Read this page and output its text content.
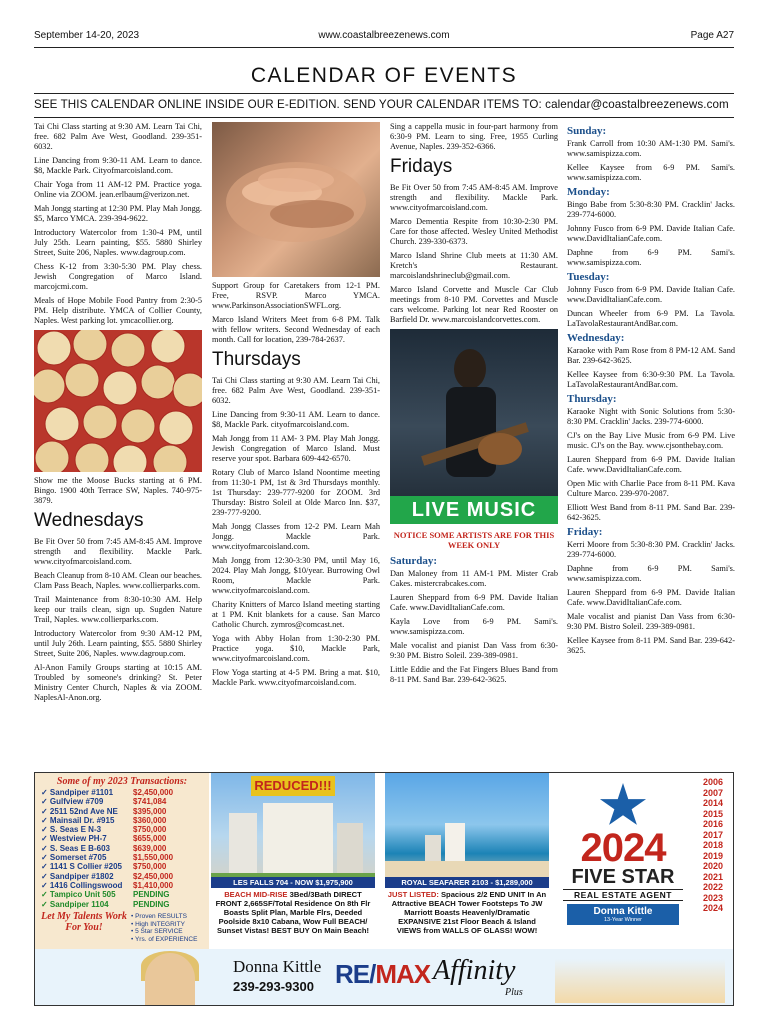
September 14-20, 2023	www.coastalbreezenews.com	Page A27
CALENDAR OF EVENTS
SEE THIS CALENDAR ONLINE INSIDE OUR E-EDITION. SEND YOUR CALENDAR ITEMS TO: calendar@coastalbreezenews.com

Tai Chi Class starting at 9:30 AM. Learn Tai Chi, free. 682 Palm Ave West, Goodland. 239-351-6032.

Line Dancing from 9:30-11 AM. Learn to dance. $8, Mackle Park. Cityofmarcoisland.com.

Chair Yoga from 11 AM-12 PM. Practice yoga. Online via ZOOM. jean.erlbaum@verizon.net.

Mah Jongg starting at 12:30 PM. Play Mah Jongg. $5, Marco YMCA. 239-394-9622.

Introductory Watercolor from 1:30-4 PM, until July 25th. Learn painting, $55. 5880 Shirley Street, Suite 206, Naples. www.dagroup.com.

Chess K-12 from 3:30-5:30 PM. Play chess. Jewish Congregation of Marco Island. marcojcmi.com.

Meals of Hope Mobile Food Pantry from 2:30-5 PM. Help distribute. YMCA of Collier County, Naples. West parking lot. ymcacollier.org.

Show me the Moose Bucks starting at 6 PM. Bingo. 1900 40th Terrace SW, Naples. 740-975-3879.

Wednesdays

Be Fit Over 50 from 7:45 AM-8:45 AM. Improve strength and flexibility. Mackle Park. www.cityofmarcoisland.com.

Beach Cleanup from 8-10 AM. Clean our beaches. Clam Pass Beach, Naples. www.collierparks.com.

Trail Maintenance from 8:30-10:30 AM. Help keep our trails clean, sign up. Sugden Nature Trail, Naples. www.collierparks.com.

Introductory Watercolor from 9:30 AM-12 PM, until July 26th. Learn painting, $55. 5880 Shirley Street, Suite 206, Naples. www.dagroup.com.

Al-Anon Family Groups starting at 10:15 AM. Troubled by someone's drinking? St. Peter Ministry Center Church, Naples & via ZOOM. NaplesAl-Anon.org.

Support Group for Caretakers from 12-1 PM. Free, RSVP. Marco YMCA. www.ParkinsonAssociationSWFL.org.

Marco Island Writers Meet from 6-8 PM. Talk with fellow writers. Second Wednesday of each month. Call for location, 239-784-2637.

Thursdays

Tai Chi Class starting at 9:30 AM. Learn Tai Chi, free. 682 Palm Ave West, Goodland. 239-351-6032.

Line Dancing from 9:30-11 AM. Learn to dance. $8, Mackle Park. cityofmarcoisland.com.

Mah Jongg from 11 AM- 3 PM. Play Mah Jongg. Jewish Congregation of Marco Island. Must reserve your spot. Barbara 609-442-6570.

Rotary Club of Marco Island Noontime meeting from 11:30-1 PM, 1st & 3rd Thursdays monthly. 1st Thursday: 239-777-9200 for ZOOM. 3rd Thursday: Bistro Soleil at Olde Marco Inn. $37, 239-777-9200.

Mah Jongg Classes from 12-2 PM. Learn Mah Jongg. Mackle Park. www.cityofmarcoisland.com.

Mah Jongg from 12:30-3:30 PM, until May 16, 2024. Play Mah Jongg, $10/year. Burrowing Owl Room, Mackle Park. www.cityofmarcoisland.com.

Charity Knitters of Marco Island meeting starting at 1 PM. Knit blankets for a cause. San Marco Catholic Church. zymros@comcast.net.

Yoga with Abby Holan from 1:30-2:30 PM. Practice yoga. $10, Mackle Park, www.cityofmarcoisland.com.

Flow Yoga starting at 4-5 PM. Bring a mat. $10, Mackle Park. www.cityofmarcoisland.com.

Sing a cappella music in four-part harmony from 6:30-9 PM. Learn to sing. Free, 1955 Curling Avenue, Naples. 239-352-6366.

Fridays

Be Fit Over 50 from 7:45 AM-8:45 AM. Improve strength and flexibility. Mackle Park. www.cityofmarcoisland.com.

Marco Dementia Respite from 10:30-2:30 PM. Care for those affected. Wesley United Methodist Church. 239-330-6373.

Marco Island Shrine Club meets at 11:30 AM. Kretch's Restaurant. marcoislandshrineclub@gmail.com.

Marco Island Corvette and Muscle Car Club meetings from 8-10 PM. Corvettes and Muscle cars welcome. Parking lot near Red Rooster on Barfield Dr. www.marcoislandcorvettes.com.

LIVE MUSIC
NOTICE SOME ARTISTS ARE FOR THIS WEEK ONLY
Saturday:

Dan Maloney from 11 AM-1 PM. Mister Crab Cakes. mistercrabcakes.com.

Lauren Sheppard from 6-9 PM. Davide Italian Cafe. www.DavidItalianCafe.com.

Kayla Love from 6-9 PM. Sami's. www.samispizza.com.

Male vocalist and pianist Dan Vass from 6:30-9:30 PM. Bistro Soleil. 239-389-0981.

Little Eddie and the Fat Fingers Blues Band from 8-11 PM. Sand Bar. 239-642-3625.

Sunday:

Frank Carroll from 10:30 AM-1:30 PM. Sami's. www.samispizza.com.

Kellee Kaysee from 6-9 PM. Sami's. www.samispizza.com.

Monday:

Bingo Babe from 5:30-8:30 PM. Cracklin' Jacks. 239-774-6000.

Johnny Fusco from 6-9 PM. Davide Italian Cafe. www.DavidItalianCafe.com.

Daphne from 6-9 PM. Sami's. www.samispizza.com.

Tuesday:

Johnny Fusco from 6-9 PM. Davide Italian Cafe. www.DavidItalianCafe.com.

Duncan Wheeler from 6-9 PM. La Tavola. LaTavolaRestaurantAndBar.com.

Wednesday:

Karaoke with Pam Rose from 8 PM-12 AM. Sand Bar. 239-642-3625.

Kellee Kaysee from 6:30-9:30 PM. La Tavola. LaTavolaRestaurantAndBar.com.

Thursday:

Karaoke Night with Sonic Solutions from 5:30-8:30 PM. Cracklin' Jacks. 239-774-6000.

CJ's on the Bay Live Music from 6-9 PM. Live music. CJ's on the Bay. www.cjsonthebay.com.

Lauren Sheppard from 6-9 PM. Davide Italian Cafe. www.DavidItalianCafe.com.

Open Mic with Charlie Pace from 8-11 PM. Kava Culture Marco. 239-970-2087.

Elliott West Band from 8-11 PM. Sand Bar. 239-642-3625.

Friday:

Kerri Moore from 5:30-8:30 PM. Cracklin' Jacks. 239-774-6000.

Daphne from 6-9 PM. Sami's. www.samispizza.com.

Lauren Sheppard from 6-9 PM. Davide Italian Cafe. www.DavidItalianCafe.com.

Male vocalist and pianist Dan Vass from 6:30-9:30 PM. Bistro Soleil. 239-389-0981.

Kellee Kaysee from 8-11 PM. Sand Bar. 239-642-3625.

Some of my 2023 Transactions:
✓ Sandpiper #1101	$2,450,000
✓ Gulfview #709	$741,084
✓ 2511 52nd Ave NE	$395,000
✓ Mainsail Dr. #915	$360,000
✓ S. Seas E N-3	$750,000
✓ Westview PH-7	$655,000
✓ S. Seas E B-603	$639,000
✓ Somerset #705	$1,550,000
✓ 1141 S Collier #205	$750,000
✓ Sandpiper #1802	$2,450,000
✓ 1416 Collingswood	$1,410,000
✓ Tampico Unit 505	PENDING
✓ Sandpiper 1104	PENDING
Let My Talents Work For You!
• Proven RESULTS
• High INTEGRITY
• 5 Star SERVICE
• Yrs. of EXPERIENCE
REDUCED!!!
LES FALLS 704 - NOW $1,975,900
BEACH MID-RISE 3Bed/3Bath DIRECT FRONT 2,665SF/Total Residence On 8th Flr Boasts Split Plan, Marble Flrs, Deeded Poolside 8x10 Cabana, Wow Full BEACH/ Sunset Vistas! BEST BUY On Main Beach!
ROYAL SEAFARER 2103 - $1,289,000
JUST LISTED: Spacious 2/2 END UNIT In An Attractive BEACH Tower Footsteps To JW Marriott Boasts Heavenly/Dramatic EXPANSIVE 21st Floor Beach & Island VIEWS from WALLS OF GLASS! WOW!
2024
FIVE STAR
REAL ESTATE AGENT
Donna Kittle
13-Year Winner
2006
2007
2014
2015
2016
2017
2018
2019
2020
2021
2022
2023
2024
Donna Kittle
239-293-9300 RE/MAX Affinity
Plus
